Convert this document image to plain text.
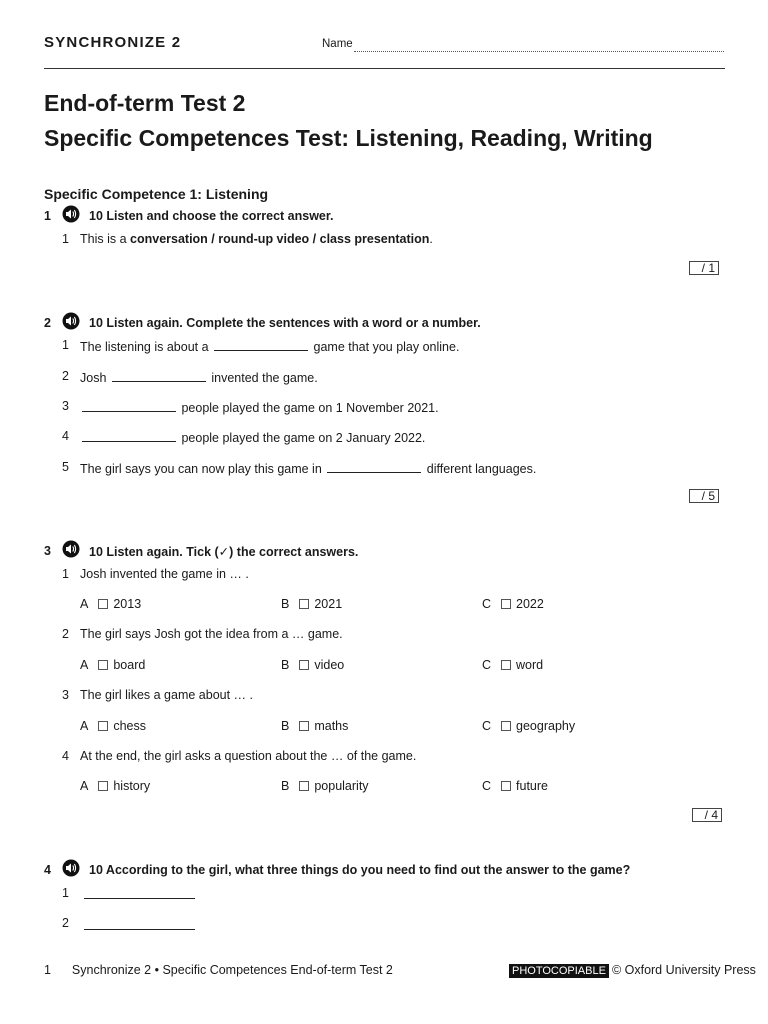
SYNCHRONIZE 2	Name
End-of-term Test 2
Specific Competences Test: Listening, Reading, Writing
Specific Competence 1: Listening
1	10 Listen and choose the correct answer.
1 This is a conversation / round-up video / class presentation.
/ 1
2	10 Listen again. Complete the sentences with a word or a number.
1 The listening is about a	game that you play online.
2 Josh	invented the game.
3	people played the game on 1 November 2021.
4	people played the game on 2 January 2022.
5 The girl says you can now play this game in	different languages.
/ 5
3	10 Listen again. Tick (✓) the correct answers.
1 Josh invented the game in … .
A 2013	B 2021	C 2022
2 The girl says Josh got the idea from a … game.
A board	B video	C word
3 The girl likes a game about … .
A chess	B maths	C geography
4 At the end, the girl asks a question about the … of the game.
A history	B popularity	C future
/ 4
4	10 According to the girl, what three things do you need to find out the answer to the game?
1
2
1 Synchronize 2 • Specific Competences End-of-term Test 2	PHOTOCOPIABLE © Oxford University Press
